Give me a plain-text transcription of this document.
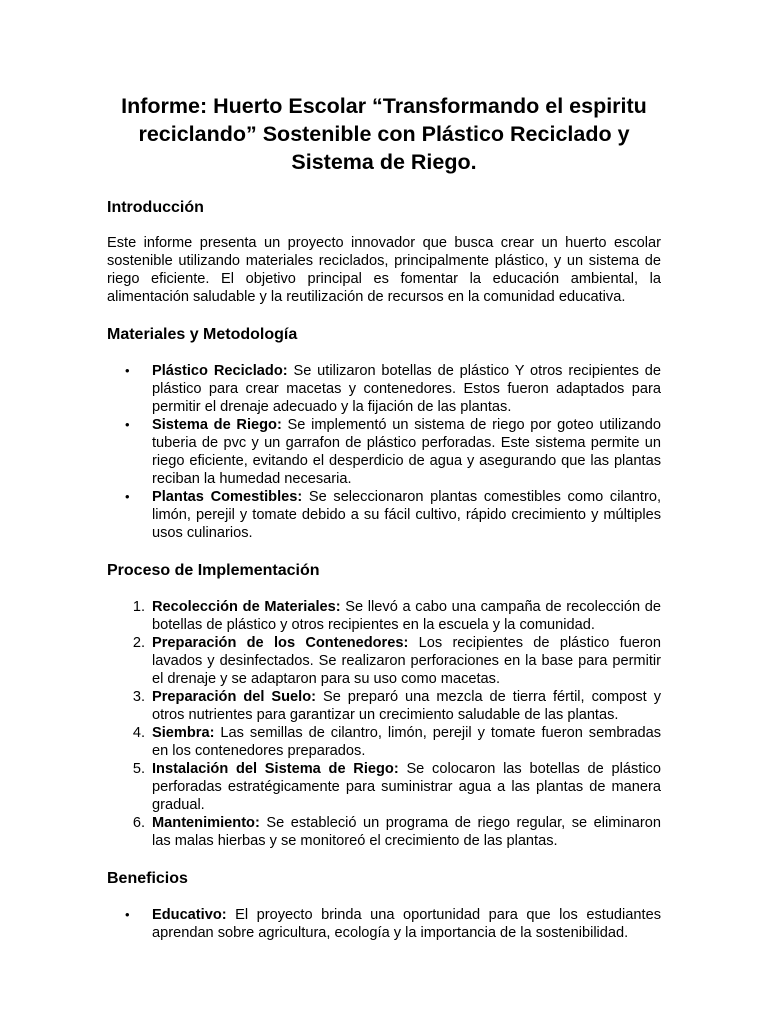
Informe: Huerto Escolar “Transformando el espiritu reciclando” Sostenible con Plástico Reciclado y Sistema de Riego.
Introducción

Este informe presenta un proyecto innovador que busca crear un huerto escolar sostenible utilizando materiales reciclados, principalmente plástico, y un sistema de riego eficiente. El objetivo principal es fomentar la educación ambiental, la alimentación saludable y la reutilización de recursos en la comunidad educativa.

Materiales y Metodología
•	Plástico Reciclado: Se utilizaron botellas de plástico Y otros recipientes de plástico para crear macetas y contenedores. Estos fueron adaptados para permitir el drenaje adecuado y la fijación de las plantas.
•	Sistema de Riego: Se implementó un sistema de riego por goteo utilizando tuberia de pvc y un garrafon de plástico perforadas. Este sistema permite un riego eficiente, evitando el desperdicio de agua y asegurando que las plantas reciban la humedad necesaria.
•	Plantas Comestibles: Se seleccionaron plantas comestibles como cilantro, limón, perejil y tomate debido a su fácil cultivo, rápido crecimiento y múltiples usos culinarios.
Proceso de Implementación
1. Recolección de Materiales: Se llevó a cabo una campaña de recolección de botellas de plástico y otros recipientes en la escuela y la comunidad.
2. Preparación de los Contenedores: Los recipientes de plástico fueron lavados y desinfectados. Se realizaron perforaciones en la base para permitir el drenaje y se adaptaron para su uso como macetas.
3. Preparación del Suelo: Se preparó una mezcla de tierra fértil, compost y otros nutrientes para garantizar un crecimiento saludable de las plantas.
4. Siembra: Las semillas de cilantro, limón, perejil y tomate fueron sembradas en los contenedores preparados.
5. Instalación del Sistema de Riego: Se colocaron las botellas de plástico perforadas estratégicamente para suministrar agua a las plantas de manera gradual.
6. Mantenimiento: Se estableció un programa de riego regular, se eliminaron las malas hierbas y se monitoreó el crecimiento de las plantas.
Beneficios
•	Educativo: El proyecto brinda una oportunidad para que los estudiantes aprendan sobre agricultura, ecología y la importancia de la sostenibilidad.
